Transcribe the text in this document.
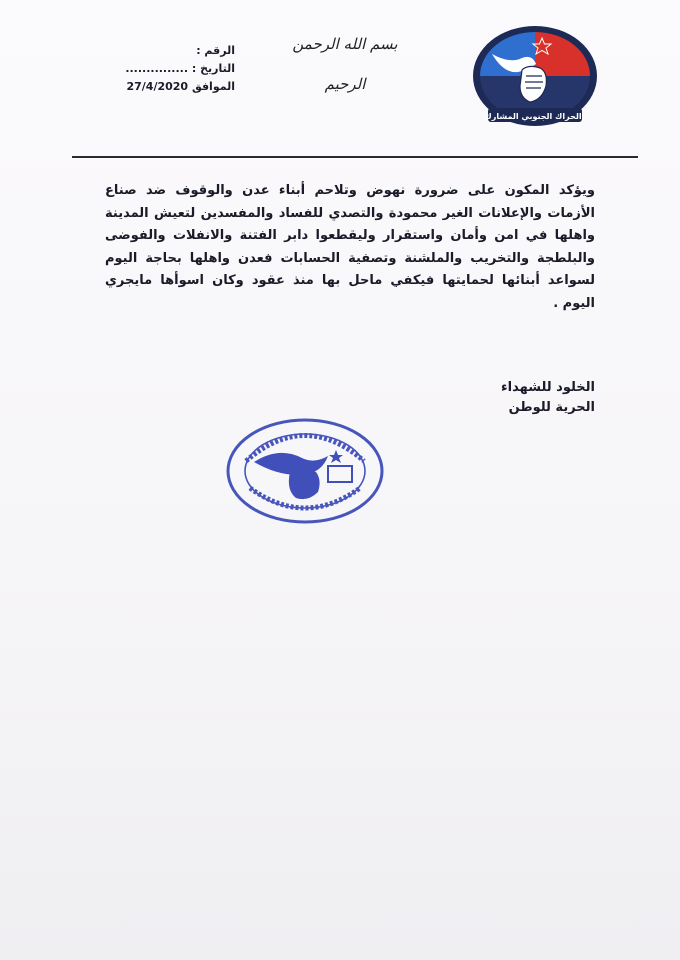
الرقم :
التاريخ : ...............
الموافق 27/4/2020
بسم الله الرحمن الرحيم
الحراك الجنوبي المشارك
ويؤكد المكون على ضرورة نهوض وتلاحم أبناء عدن والوقوف ضد صناع الأزمات والإعلانات الغير محمودة والتصدي للفساد والمفسدين لتعيش المدينة واهلها في امن وأمان واستقرار وليقطعوا دابر الفتنة والانفلات والفوضى والبلطجة والتخريب والملشنة وتصفية الحسابات فعدن واهلها بحاجة اليوم لسواعد أبنائها لحمايتها فيكفي ماحل بها منذ عقود وكان اسوأها مايجري اليوم .
الخلود للشهداء
الحرية للوطن
